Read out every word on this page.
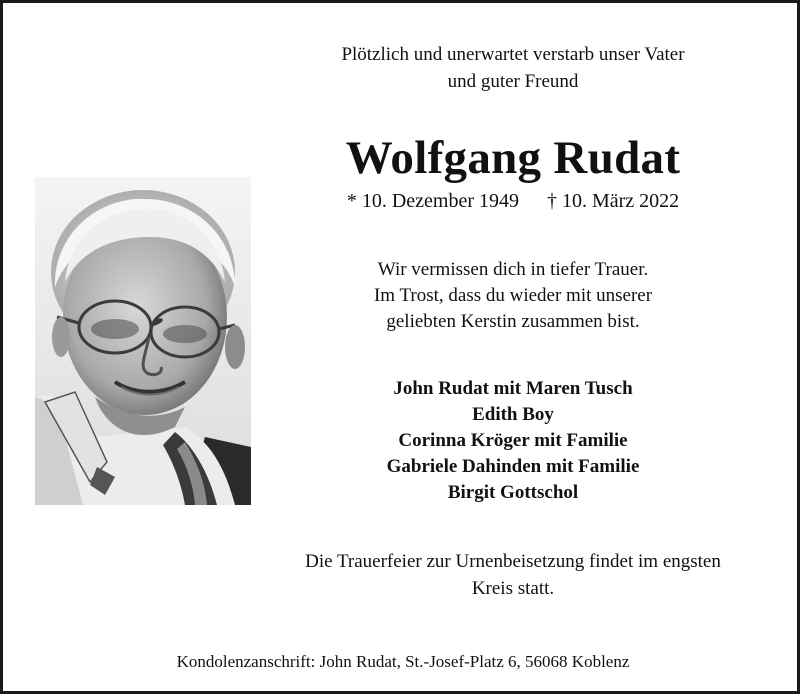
Plötzlich und unerwartet verstarb unser Vater
und guter Freund
Wolfgang Rudat
* 10. Dezember 1949 † 10. März 2022
Wir vermissen dich in tiefer Trauer.
Im Trost, dass du wieder mit unserer
geliebten Kerstin zusammen bist.
John Rudat mit Maren Tusch
Edith Boy
Corinna Kröger mit Familie
Gabriele Dahinden mit Familie
Birgit Gottschol
Die Trauerfeier zur Urnenbeisetzung findet im engsten
Kreis statt.
Kondolenzanschrift: John Rudat, St.-Josef-Platz 6, 56068 Koblenz
